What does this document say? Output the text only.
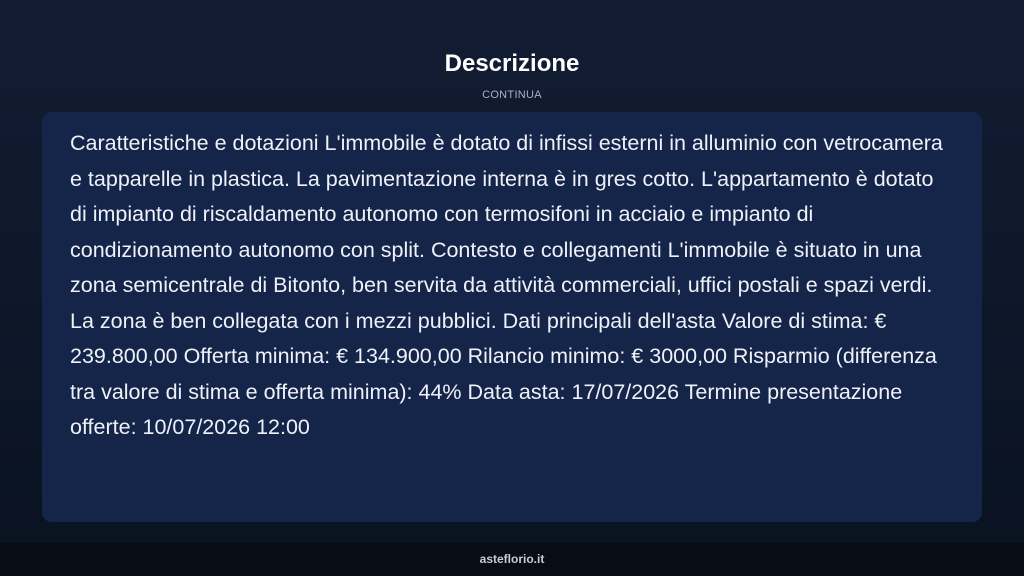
Descrizione
CONTINUA

Caratteristiche e dotazioni L'immobile è dotato di infissi esterni in alluminio con vetrocamera e tapparelle in plastica. La pavimentazione interna è in gres cotto. L'appartamento è dotato di impianto di riscaldamento autonomo con termosifoni in acciaio e impianto di condizionamento autonomo con split. Contesto e collegamenti L'immobile è situato in una zona semicentrale di Bitonto, ben servita da attività commerciali, uffici postali e spazi verdi. La zona è ben collegata con i mezzi pubblici. Dati principali dell'asta Valore di stima: € 239.800,00 Offerta minima: € 134.900,00 Rilancio minimo: € 3000,00 Risparmio (differenza tra valore di stima e offerta minima): 44% Data asta: 17/07/2026 Termine presentazione offerte: 10/07/2026 12:00

asteflorio.it
